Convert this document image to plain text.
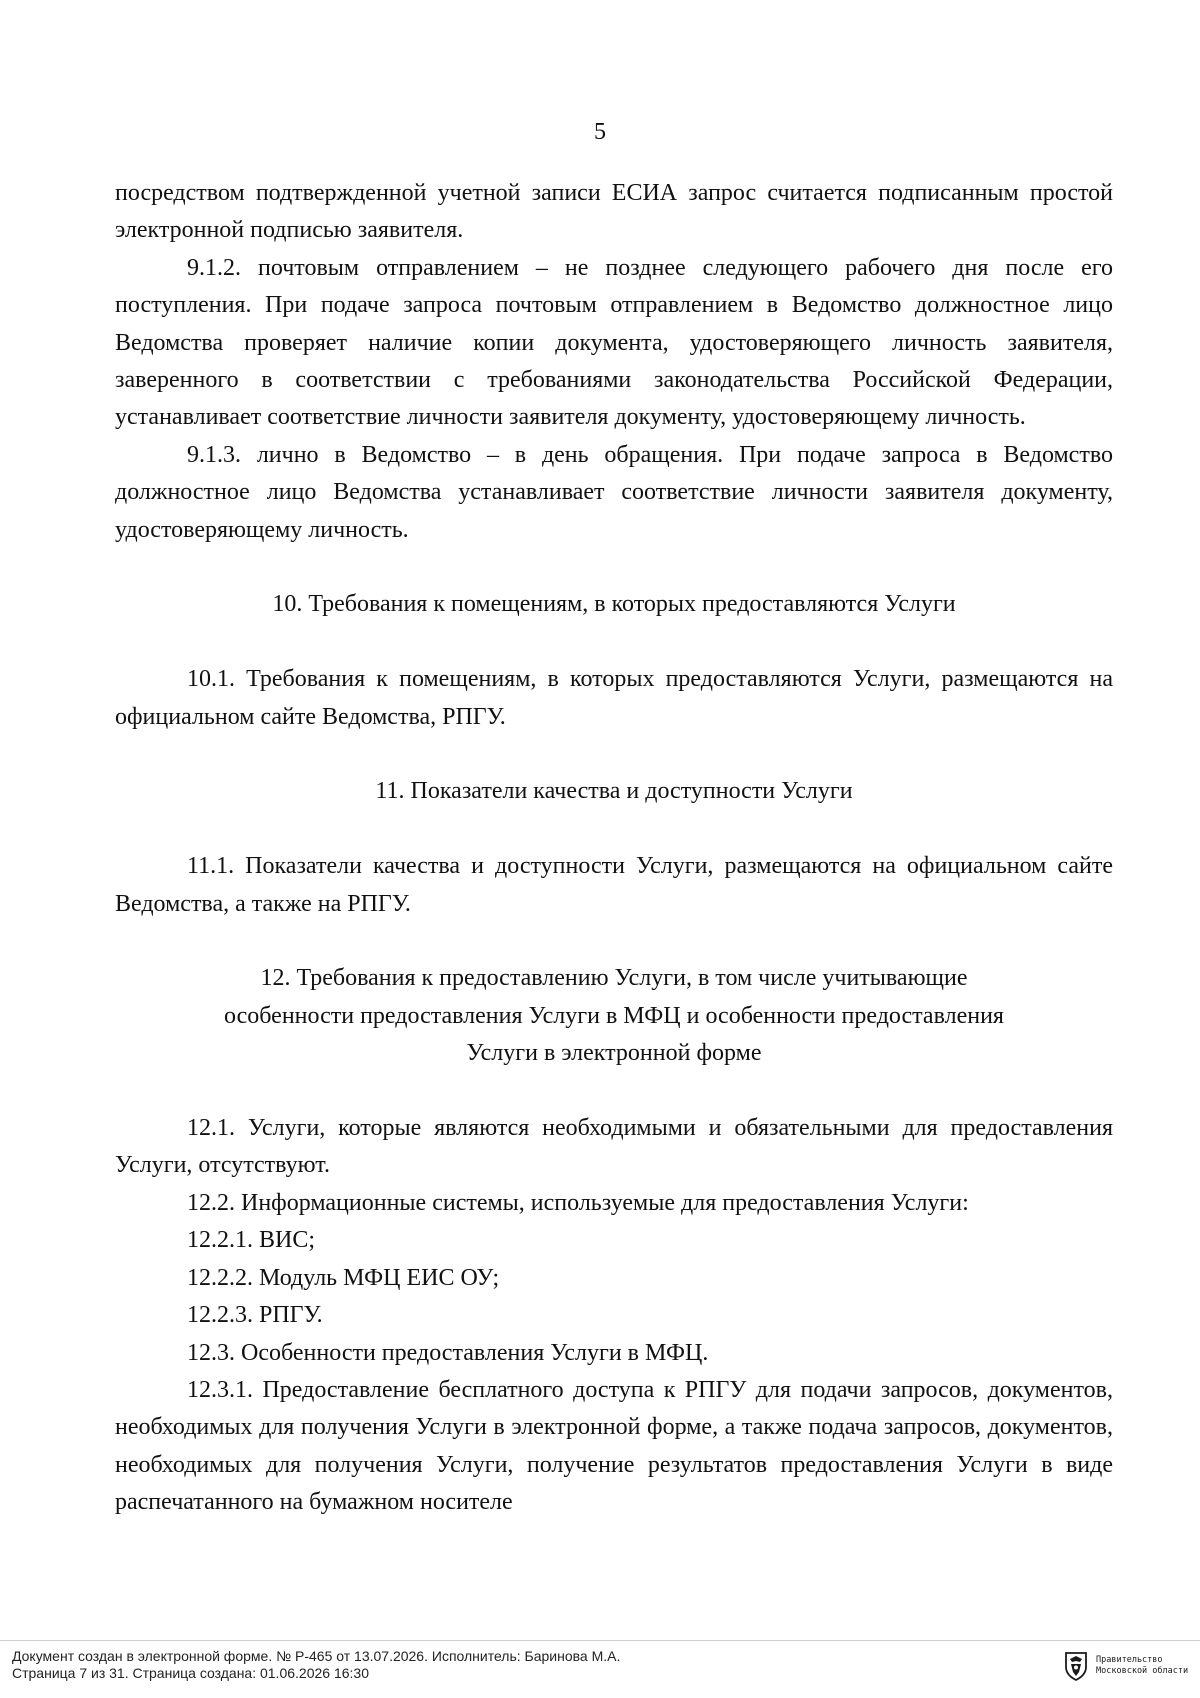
5

посредством подтвержденной учетной записи ЕСИА запрос считается подписанным простой электронной подписью заявителя.

9.1.2. почтовым отправлением – не позднее следующего рабочего дня после его поступления. При подаче запроса почтовым отправлением в Ведомство должностное лицо Ведомства проверяет наличие копии документа, удостоверяющего личность заявителя, заверенного в соответствии с требованиями законодательства Российской Федерации, устанавливает соответствие личности заявителя документу, удостоверяющему личность.

9.1.3. лично в Ведомство – в день обращения. При подаче запроса в Ведомство должностное лицо Ведомства устанавливает соответствие личности заявителя документу, удостоверяющему личность.

10. Требования к помещениям, в которых предоставляются Услуги

10.1. Требования к помещениям, в которых предоставляются Услуги, размещаются на официальном сайте Ведомства, РПГУ.

11. Показатели качества и доступности Услуги

11.1. Показатели качества и доступности Услуги, размещаются на официальном сайте Ведомства, а также на РПГУ.

12. Требования к предоставлению Услуги, в том числе учитывающие
особенности предоставления Услуги в МФЦ и особенности предоставления
Услуги в электронной форме

12.1. Услуги, которые являются необходимыми и обязательными для предоставления Услуги, отсутствуют.

12.2. Информационные системы, используемые для предоставления Услуги:

12.2.1. ВИС;

12.2.2. Модуль МФЦ ЕИС ОУ;

12.2.3. РПГУ.

12.3. Особенности предоставления Услуги в МФЦ.

12.3.1. Предоставление бесплатного доступа к РПГУ для подачи запросов, документов, необходимых для получения Услуги в электронной форме, а также подача запросов, документов, необходимых для получения Услуги, получение результатов предоставления Услуги в виде распечатанного на бумажном носителе

Документ создан в электронной форме. № Р-465 от 13.07.2026. Исполнитель: Баринова М.А.
Страница 7 из 31. Страница создана: 01.06.2026 16:30
Правительство
Московской области
